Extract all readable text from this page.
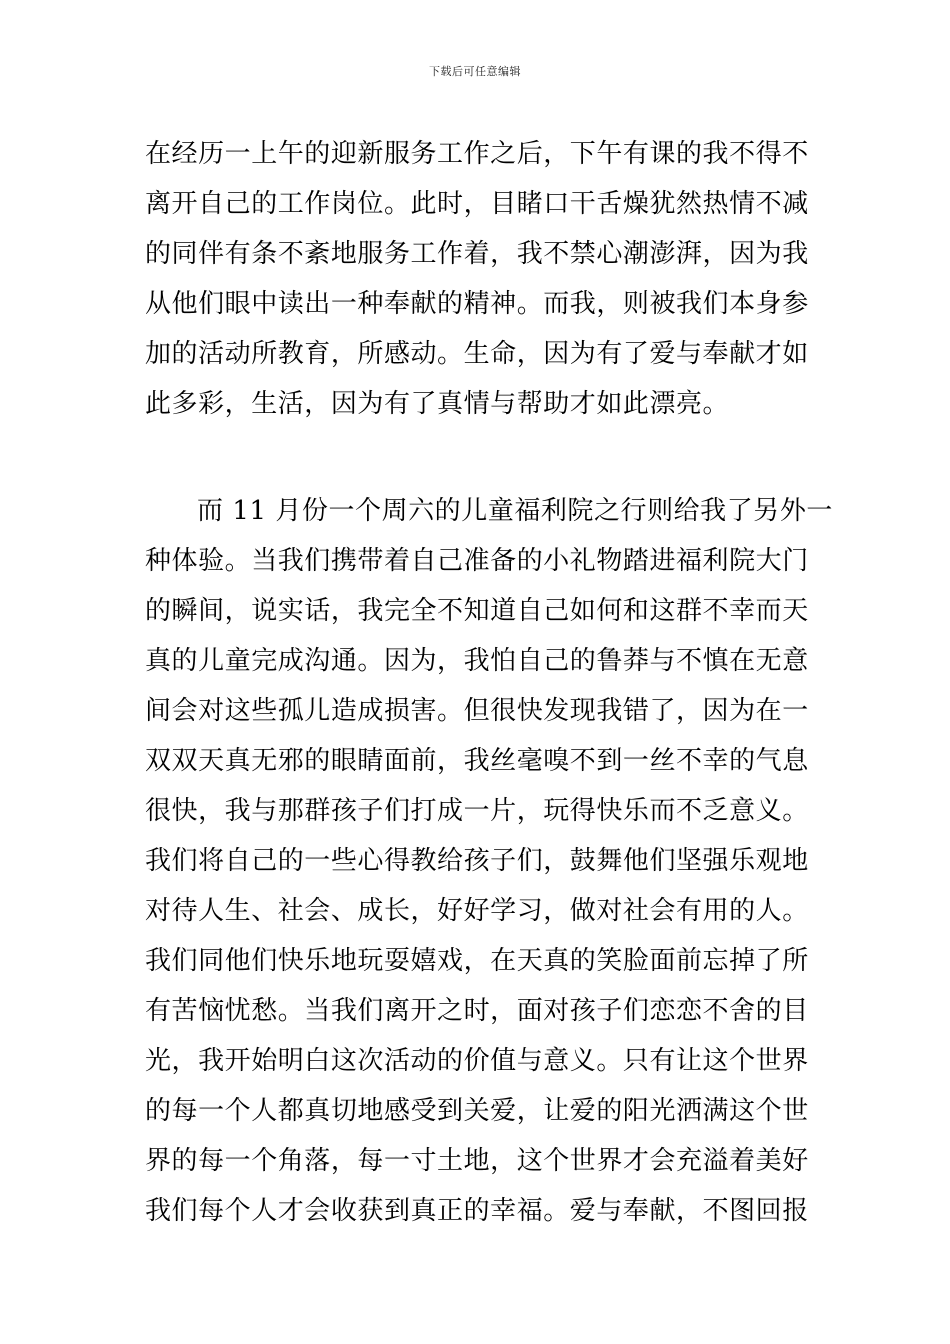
下载后可任意编辑
在经历一上午的迎新服务工作之后，下午有课的我不得不
离开自己的工作岗位。此时，目睹口干舌燥犹然热情不减
的同伴有条不紊地服务工作着，我不禁心潮澎湃，因为我
从他们眼中读出一种奉献的精神。而我，则被我们本身参
加的活动所教育，所感动。生命，因为有了爱与奉献才如
此多彩，生活，因为有了真情与帮助才如此漂亮。
而 11 月份一个周六的儿童福利院之行则给我了另外一
种体验。当我们携带着自己准备的小礼物踏进福利院大门
的瞬间，说实话，我完全不知道自己如何和这群不幸而天
真的儿童完成沟通。因为，我怕自己的鲁莽与不慎在无意
间会对这些孤儿造成损害。但很快发现我错了，因为在一
双双天真无邪的眼睛面前，我丝毫嗅不到一丝不幸的气息
很快，我与那群孩子们打成一片，玩得快乐而不乏意义。
我们将自己的一些心得教给孩子们，鼓舞他们坚强乐观地
对待人生、社会、成长，好好学习，做对社会有用的人。
我们同他们快乐地玩耍嬉戏，在天真的笑脸面前忘掉了所
有苦恼忧愁。当我们离开之时，面对孩子们恋恋不舍的目
光，我开始明白这次活动的价值与意义。只有让这个世界
的每一个人都真切地感受到关爱，让爱的阳光洒满这个世
界的每一个角落，每一寸土地，这个世界才会充溢着美好
我们每个人才会收获到真正的幸福。爱与奉献，不图回报
